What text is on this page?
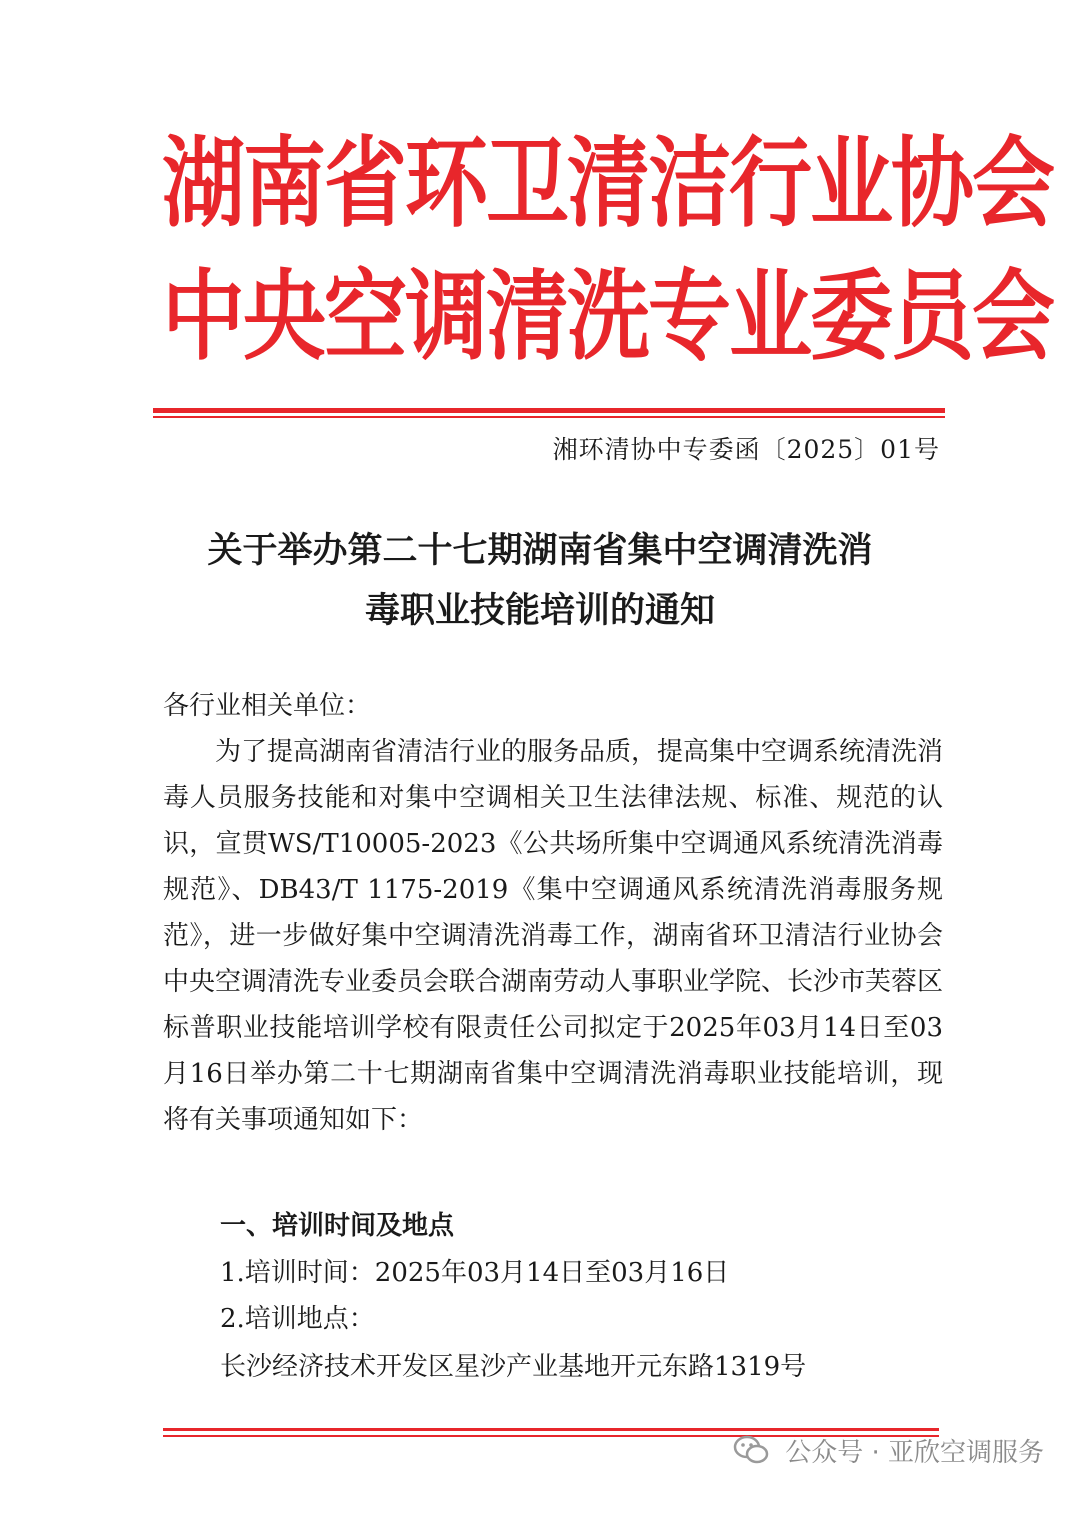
湖南省环卫清洁行业协会
中央空调清洗专业委员会
湘环清协中专委函〔2025〕01号
关于举办第二十七期湖南省集中空调清洗消
毒职业技能培训的通知

各行业相关单位：

为了提高湖南省清洁行业的服务品质，提高集中空调系统清洗消毒人员服务技能和对集中空调相关卫生法律法规、标准、规范的认识，宣贯WS/T10005-2023《公共场所集中空调通风系统清洗消毒规范》、DB43/T 1175-2019《集中空调通风系统清洗消毒服务规范》，进一步做好集中空调清洗消毒工作，湖南省环卫清洁行业协会中央空调清洗专业委员会联合湖南劳动人事职业学院、长沙市芙蓉区标普职业技能培训学校有限责任公司拟定于2025年03月14日至03月16日举办第二十七期湖南省集中空调清洗消毒职业技能培训，现将有关事项通知如下：

一、培训时间及地点
1.培训时间：2025年03月14日至03月16日
2.培训地点：
长沙经济技术开发区星沙产业基地开元东路1319号
公众号 · 亚欣空调服务
